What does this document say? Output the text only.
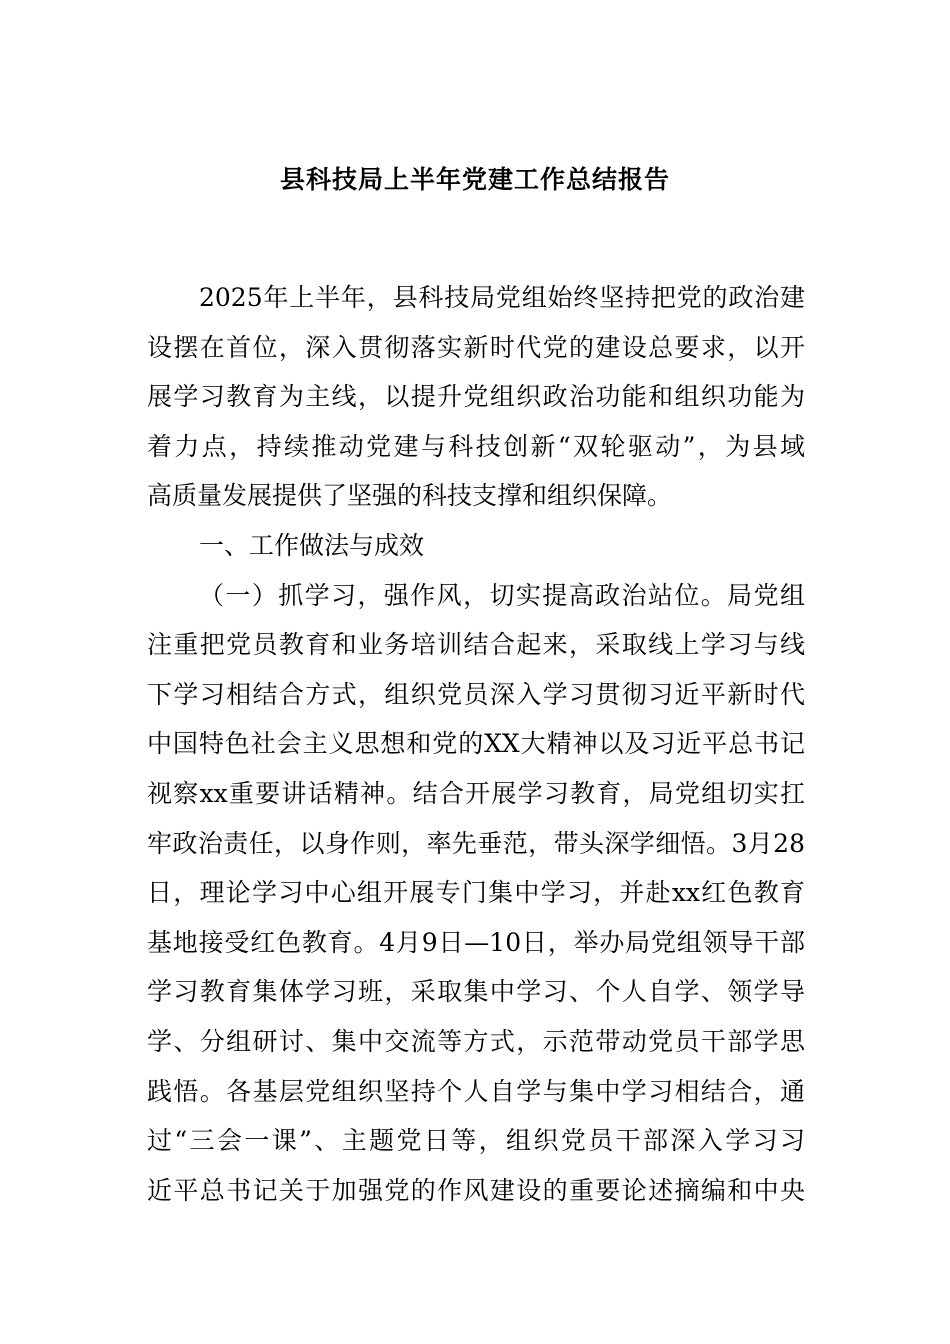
县科技局上半年党建工作总结报告
2025年上半年，县科技局党组始终坚持把党的政治建
设摆在首位，深入贯彻落实新时代党的建设总要求，以开
展学习教育为主线，以提升党组织政治功能和组织功能为
着力点，持续推动党建与科技创新“双轮驱动”，为县域
高质量发展提供了坚强的科技支撑和组织保障。
一、工作做法与成效
（一）抓学习，强作风，切实提高政治站位。局党组
注重把党员教育和业务培训结合起来，采取线上学习与线
下学习相结合方式，组织党员深入学习贯彻习近平新时代
中国特色社会主义思想和党的XX大精神以及习近平总书记
视察xx重要讲话精神。结合开展学习教育，局党组切实扛
牢政治责任，以身作则，率先垂范，带头深学细悟。3月28
日，理论学习中心组开展专门集中学习，并赴xx红色教育
基地接受红色教育。4月9日—10日，举办局党组领导干部
学习教育集体学习班，采取集中学习、个人自学、领学导
学、分组研讨、集中交流等方式，示范带动党员干部学思
践悟。各基层党组织坚持个人自学与集中学习相结合，通
过“三会一课”、主题党日等，组织党员干部深入学习习
近平总书记关于加强党的作风建设的重要论述摘编和中央
